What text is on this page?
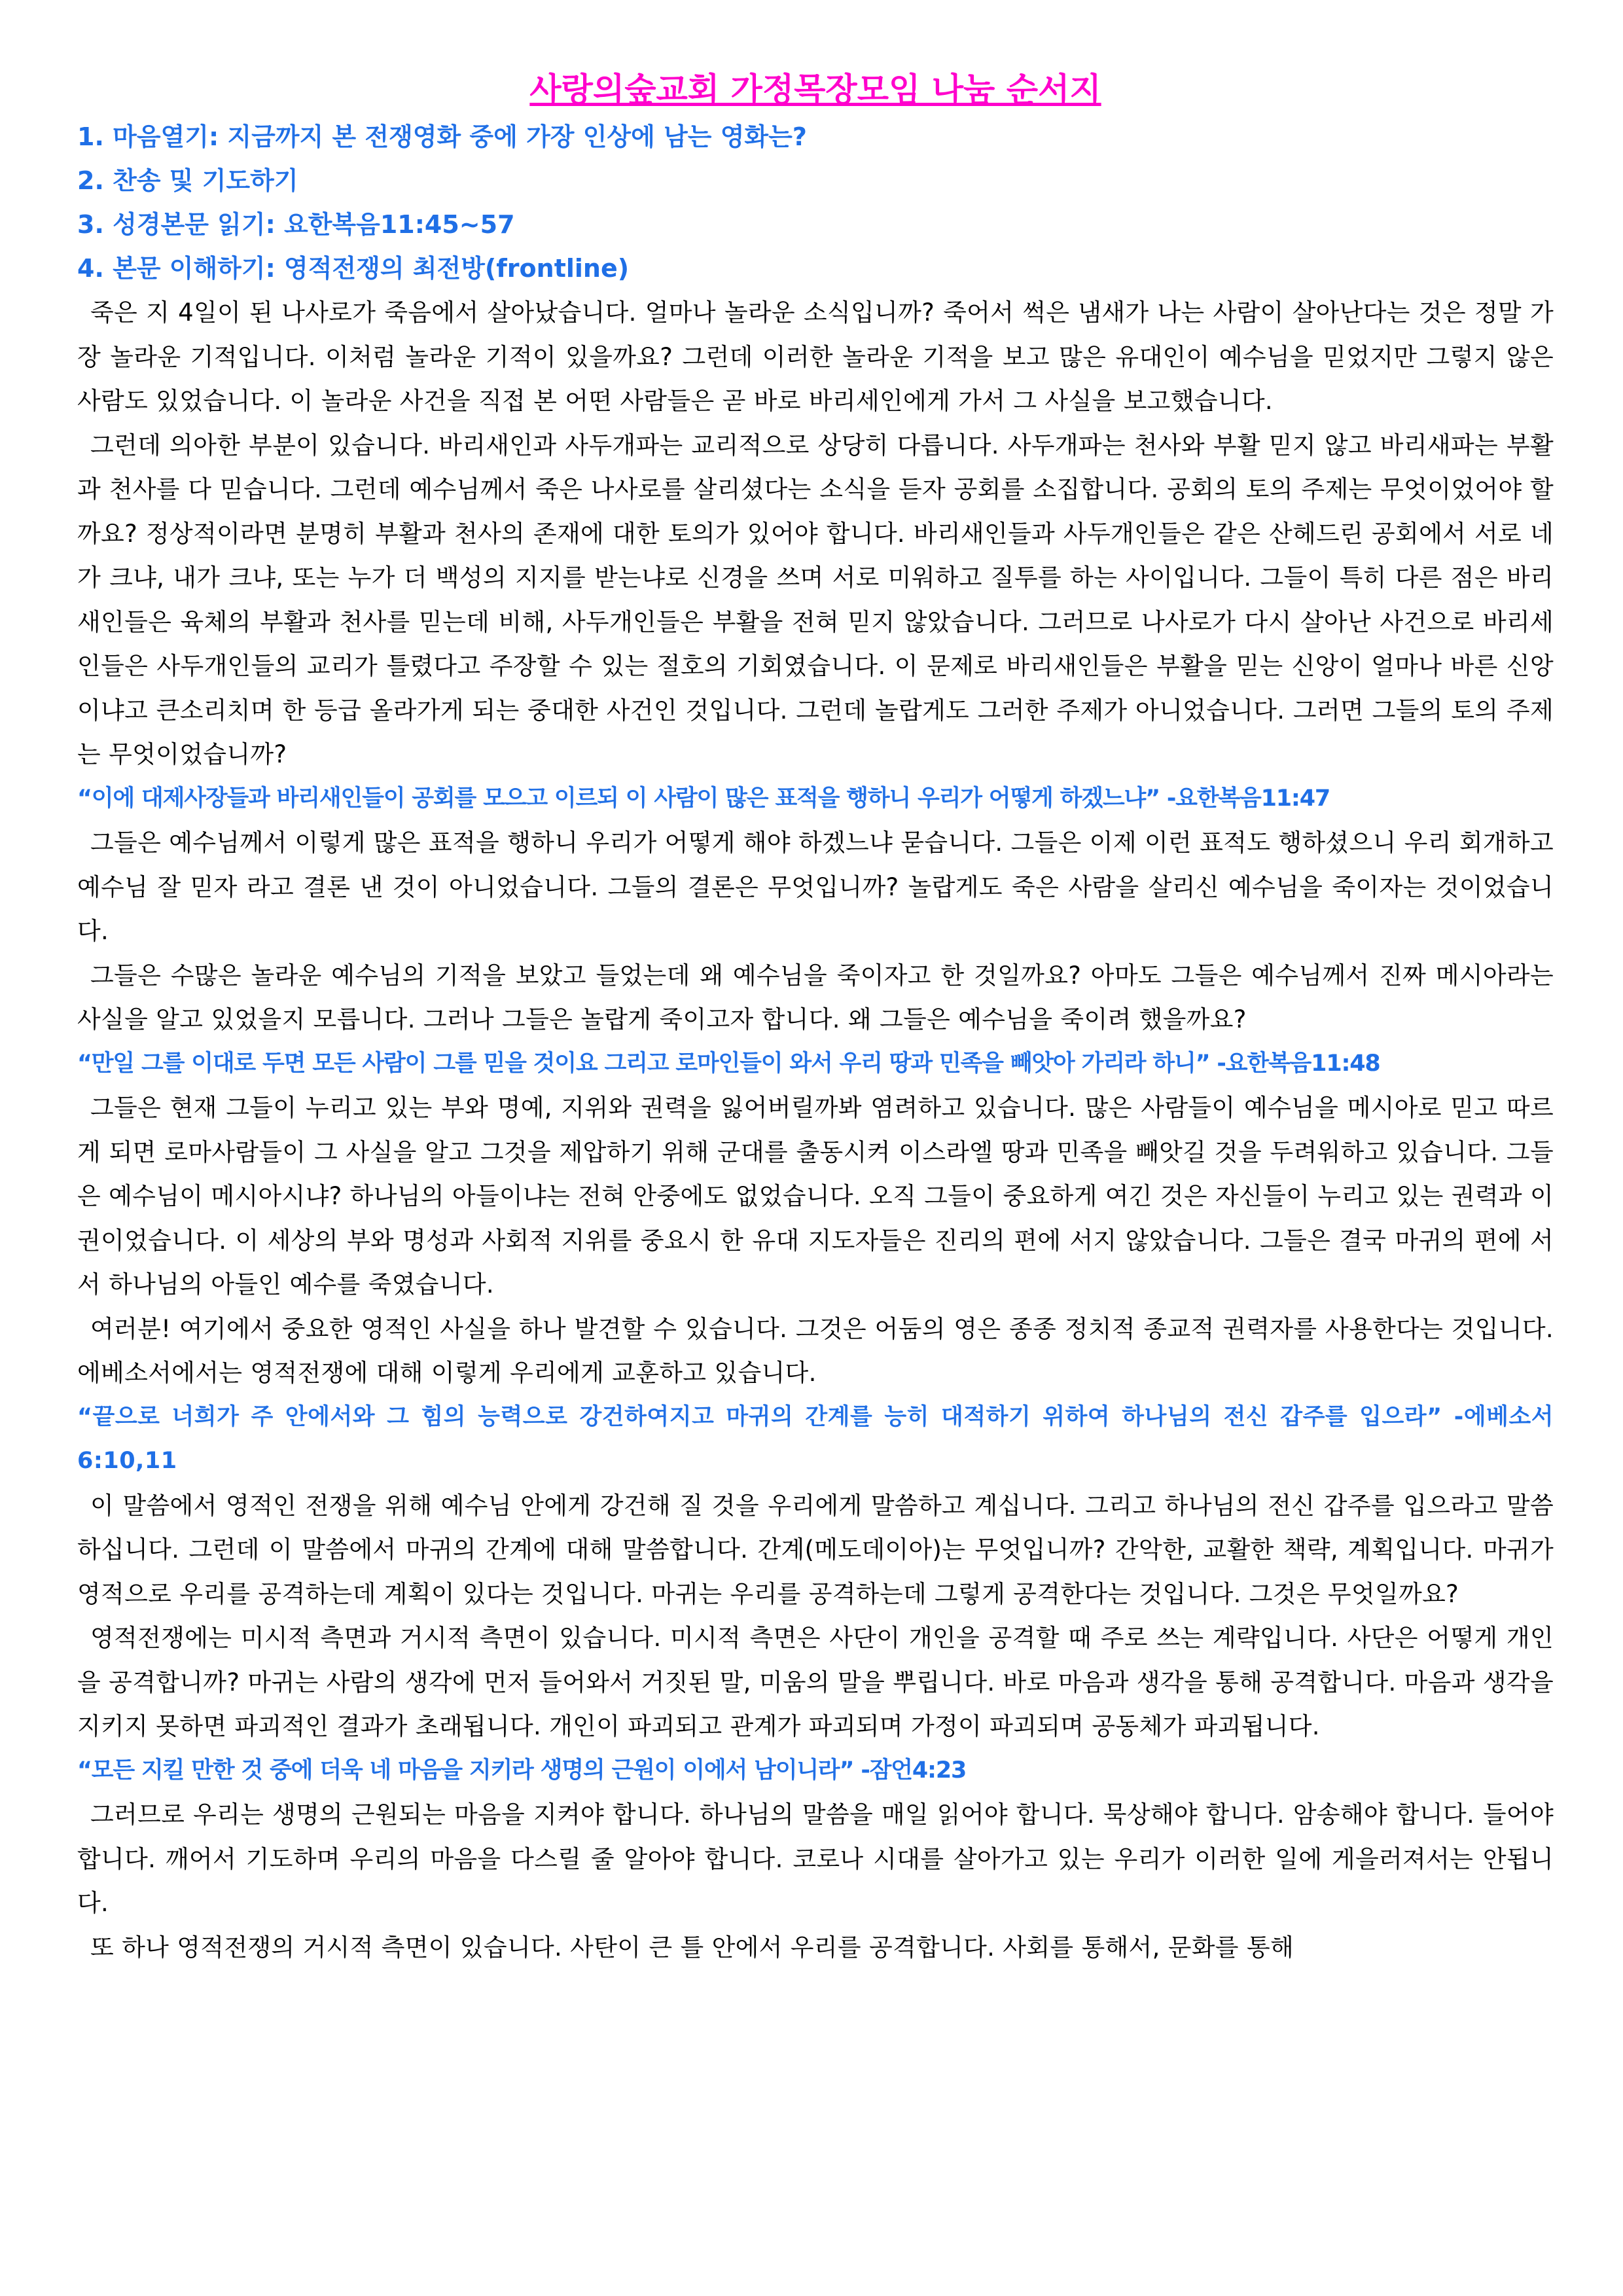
사랑의숲교회 가정목장모임 나눔 순서지

1. 마음열기: 지금까지 본 전쟁영화 중에 가장 인상에 남는 영화는?

2. 찬송 및 기도하기

3. 성경본문 읽기: 요한복음11:45~57

4. 본문 이해하기: 영적전쟁의 최전방(frontline)

죽은 지 4일이 된 나사로가 죽음에서 살아났습니다. 얼마나 놀라운 소식입니까? 죽어서 썩은 냄새가 나는 사람이 살아난다는 것은 정말 가장 놀라운 기적입니다. 이처럼 놀라운 기적이 있을까요? 그런데 이러한 놀라운 기적을 보고 많은 유대인이 예수님을 믿었지만 그렇지 않은 사람도 있었습니다. 이 놀라운 사건을 직접 본 어떤 사람들은 곧 바로 바리세인에게 가서 그 사실을 보고했습니다.

그런데 의아한 부분이 있습니다. 바리새인과 사두개파는 교리적으로 상당히 다릅니다. 사두개파는 천사와 부활 믿지 않고 바리새파는 부활과 천사를 다 믿습니다. 그런데 예수님께서 죽은 나사로를 살리셨다는 소식을 듣자 공회를 소집합니다. 공회의 토의 주제는 무엇이었어야 할까요? 정상적이라면 분명히 부활과 천사의 존재에 대한 토의가 있어야 합니다. 바리새인들과 사두개인들은 같은 산헤드린 공회에서 서로 네가 크냐, 내가 크냐, 또는 누가 더 백성의 지지를 받는냐로 신경을 쓰며 서로 미워하고 질투를 하는 사이입니다. 그들이 특히 다른 점은 바리새인들은 육체의 부활과 천사를 믿는데 비해, 사두개인들은 부활을 전혀 믿지 않았습니다. 그러므로 나사로가 다시 살아난 사건으로 바리세인들은 사두개인들의 교리가 틀렸다고 주장할 수 있는 절호의 기회였습니다. 이 문제로 바리새인들은 부활을 믿는 신앙이 얼마나 바른 신앙이냐고 큰소리치며 한 등급 올라가게 되는 중대한 사건인 것입니다. 그런데 놀랍게도 그러한 주제가 아니었습니다. 그러면 그들의 토의 주제는 무엇이었습니까?

“이에 대제사장들과 바리새인들이 공회를 모으고 이르되 이 사람이 많은 표적을 행하니 우리가 어떻게 하겠느냐” -요한복음11:47

그들은 예수님께서 이렇게 많은 표적을 행하니 우리가 어떻게 해야 하겠느냐 묻습니다. 그들은 이제 이런 표적도 행하셨으니 우리 회개하고 예수님 잘 믿자 라고 결론 낸 것이 아니었습니다. 그들의 결론은 무엇입니까? 놀랍게도 죽은 사람을 살리신 예수님을 죽이자는 것이었습니다.

그들은 수많은 놀라운 예수님의 기적을 보았고 들었는데 왜 예수님을 죽이자고 한 것일까요? 아마도 그들은 예수님께서 진짜 메시아라는 사실을 알고 있었을지 모릅니다. 그러나 그들은 놀랍게 죽이고자 합니다. 왜 그들은 예수님을 죽이려 했을까요?

“만일 그를 이대로 두면 모든 사람이 그를 믿을 것이요 그리고 로마인들이 와서 우리 땅과 민족을 빼앗아 가리라 하니” -요한복음11:48

그들은 현재 그들이 누리고 있는 부와 명예, 지위와 권력을 잃어버릴까봐 염려하고 있습니다. 많은 사람들이 예수님을 메시아로 믿고 따르게 되면 로마사람들이 그 사실을 알고 그것을 제압하기 위해 군대를 출동시켜 이스라엘 땅과 민족을 빼앗길 것을 두려워하고 있습니다. 그들은 예수님이 메시아시냐? 하나님의 아들이냐는 전혀 안중에도 없었습니다. 오직 그들이 중요하게 여긴 것은 자신들이 누리고 있는 권력과 이권이었습니다. 이 세상의 부와 명성과 사회적 지위를 중요시 한 유대 지도자들은 진리의 편에 서지 않았습니다. 그들은 결국 마귀의 편에 서서 하나님의 아들인 예수를 죽였습니다.

여러분! 여기에서 중요한 영적인 사실을 하나 발견할 수 있습니다. 그것은 어둠의 영은 종종 정치적 종교적 권력자를 사용한다는 것입니다. 에베소서에서는 영적전쟁에 대해 이렇게 우리에게 교훈하고 있습니다.

“끝으로 너희가 주 안에서와 그 힘의 능력으로 강건하여지고 마귀의 간계를 능히 대적하기 위하여 하나님의 전신 갑주를 입으라” -에베소서6:10,11

이 말씀에서 영적인 전쟁을 위해 예수님 안에게 강건해 질 것을 우리에게 말씀하고 계십니다. 그리고 하나님의 전신 갑주를 입으라고 말씀하십니다. 그런데 이 말씀에서 마귀의 간계에 대해 말씀합니다. 간계(메도데이아)는 무엇입니까? 간악한, 교활한 책략, 계획입니다. 마귀가 영적으로 우리를 공격하는데 계획이 있다는 것입니다. 마귀는 우리를 공격하는데 그렇게 공격한다는 것입니다. 그것은 무엇일까요?

영적전쟁에는 미시적 측면과 거시적 측면이 있습니다. 미시적 측면은 사단이 개인을 공격할 때 주로 쓰는 계략입니다. 사단은 어떻게 개인을 공격합니까? 마귀는 사람의 생각에 먼저 들어와서 거짓된 말, 미움의 말을 뿌립니다. 바로 마음과 생각을 통해 공격합니다. 마음과 생각을 지키지 못하면 파괴적인 결과가 초래됩니다. 개인이 파괴되고 관계가 파괴되며 가정이 파괴되며 공동체가 파괴됩니다.

“모든 지킬 만한 것 중에 더욱 네 마음을 지키라 생명의 근원이 이에서 남이니라” -잠언4:23

그러므로 우리는 생명의 근원되는 마음을 지켜야 합니다. 하나님의 말씀을 매일 읽어야 합니다. 묵상해야 합니다. 암송해야 합니다. 들어야 합니다. 깨어서 기도하며 우리의 마음을 다스릴 줄 알아야 합니다. 코로나 시대를 살아가고 있는 우리가 이러한 일에 게을러져서는 안됩니다.

또 하나 영적전쟁의 거시적 측면이 있습니다. 사탄이 큰 틀 안에서 우리를 공격합니다. 사회를 통해서, 문화를 통해
